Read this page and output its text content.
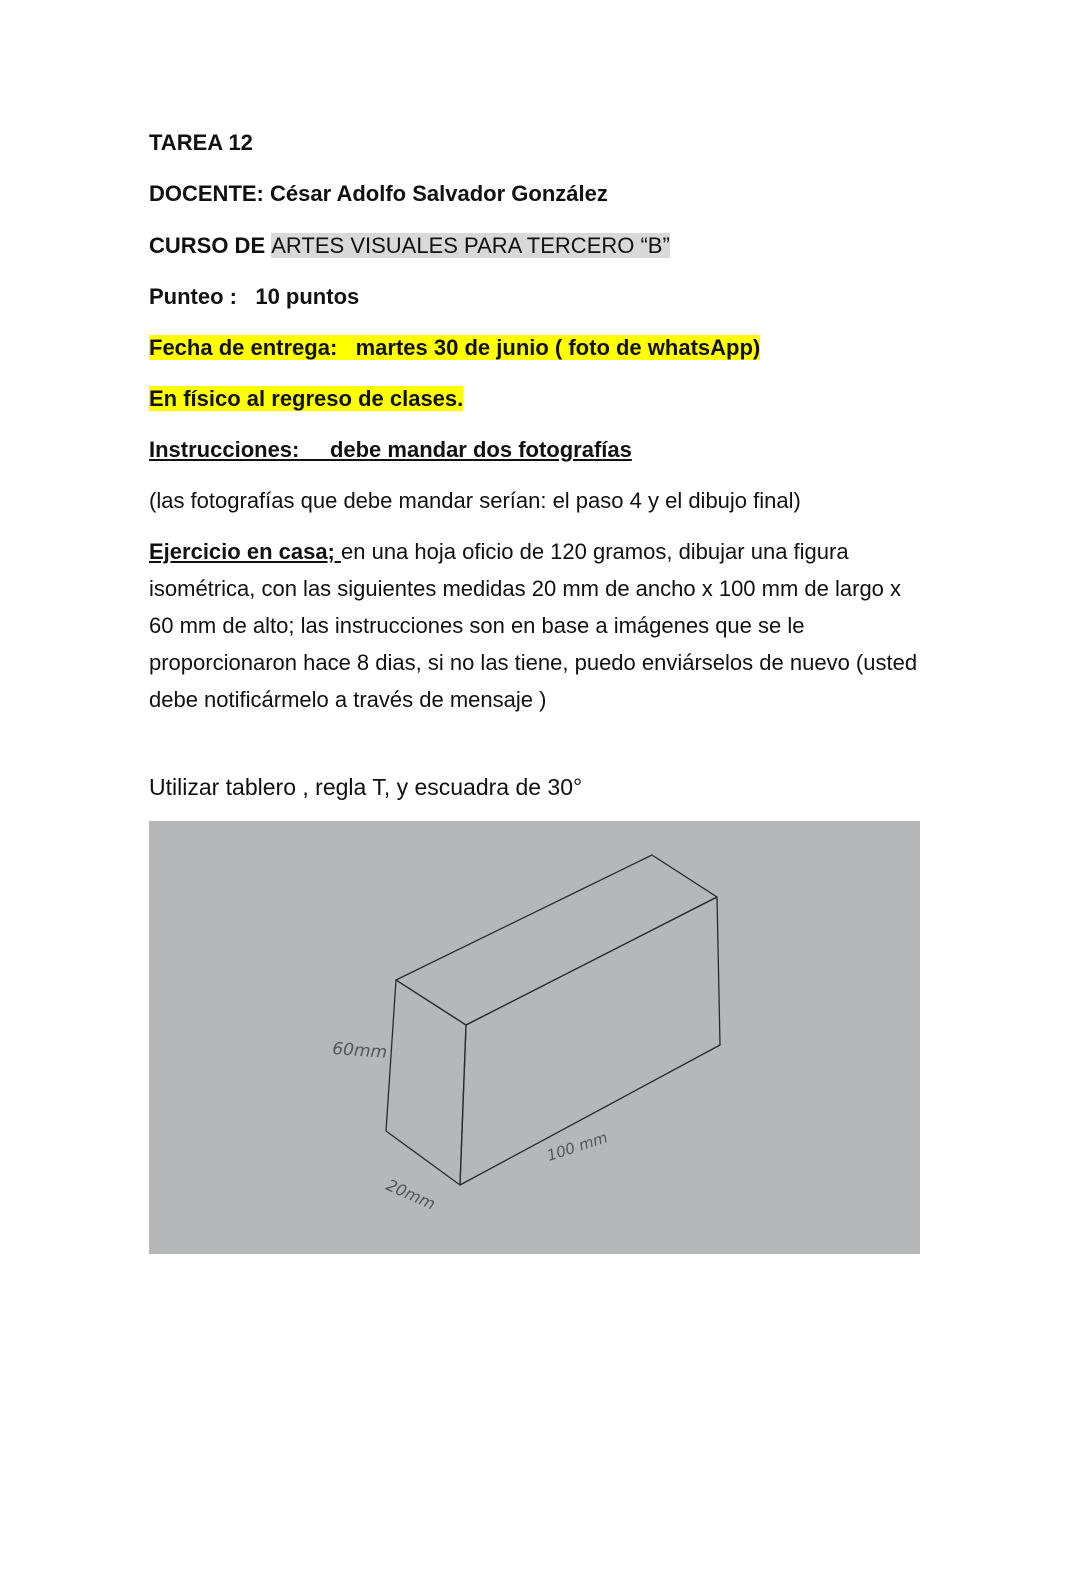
TAREA 12
DOCENTE: César Adolfo Salvador González
CURSO DE ARTES VISUALES PARA TERCERO “B”
Punteo : 10 puntos
Fecha de entrega: martes 30 de junio ( foto de whatsApp)
En físico al regreso de clases.
Instrucciones: debe mandar dos fotografías
(las fotografías que debe mandar serían: el paso 4 y el dibujo final)
Ejercicio en casa; en una hoja oficio de 120 gramos, dibujar una figura isométrica, con las siguientes medidas 20 mm de ancho x 100 mm de largo x 60 mm de alto; las instrucciones son en base a imágenes que se le proporcionaron hace 8 dias, si no las tiene, puedo enviárselos de nuevo (usted debe notificármelo a través de mensaje )
Utilizar tablero , regla T, y escuadra de 30°
60mm
100 mm
20mm
